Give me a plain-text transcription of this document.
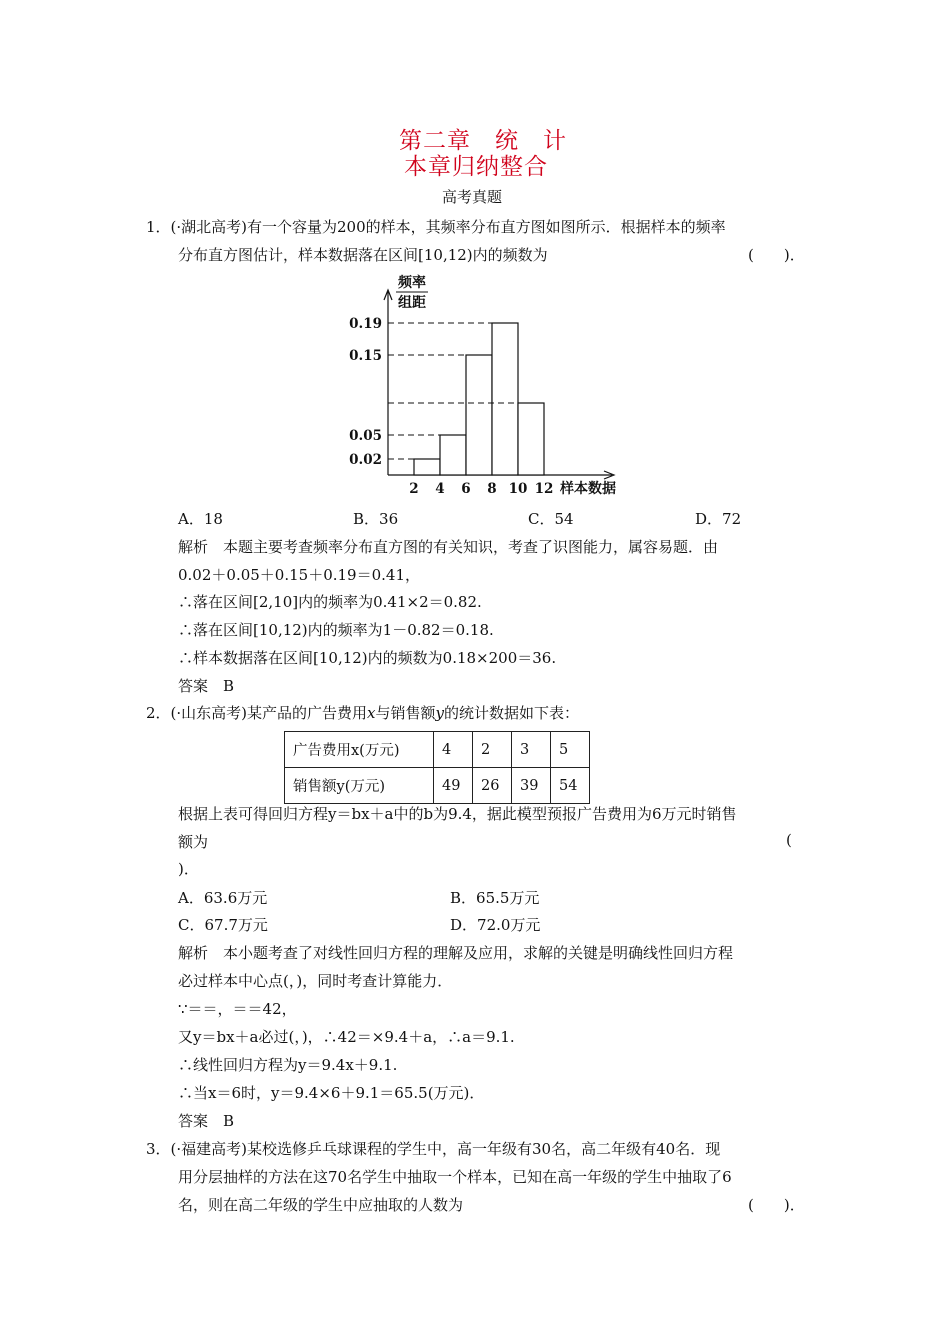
第二章　统　计
本章归纳整合
高考真题
1．(·湖北高考)有一个容量为200的样本，其频率分布直方图如图所示．根据样本的频率
分布直方图估计，样本数据落在区间[10,12)内的频数为	(　　)．
频率
组距
0.19
0.15
0.05
0.02
2 4 6 8 10 12 样本数据
A．18	B．36	C．54	D．72
解析　本题主要考查频率分布直方图的有关知识，考查了识图能力，属容易题．由
0.02＋0.05＋0.15＋0.19＝0.41，
∴落在区间[2,10]内的频率为0.41×2＝0.82.
∴落在区间[10,12)内的频率为1－0.82＝0.18.
∴样本数据落在区间[10,12)内的频数为0.18×200＝36.
答案　B
2．(·山东高考)某产品的广告费用x与销售额y的统计数据如下表：
广告费用x(万元)	4	2	3	5
销售额y(万元)	49	26	39	54
根据上表可得回归方程y＝bx＋a中的b为9.4，据此模型预报广告费用为6万元时销售
额为	(
)．
A．63.6万元	B．65.5万元
C．67.7万元	D．72.0万元
解析　本小题考查了对线性回归方程的理解及应用，求解的关键是明确线性回归方程
必过样本中心点(，)，同时考查计算能力．
∵＝＝，＝＝42，
又y＝bx＋a必过(，)，∴42＝×9.4＋a，∴a＝9.1.
∴线性回归方程为y＝9.4x＋9.1.
∴当x＝6时，y＝9.4×6＋9.1＝65.5(万元)．
答案　B
3．(·福建高考)某校选修乒乓球课程的学生中，高一年级有30名，高二年级有40名．现
用分层抽样的方法在这70名学生中抽取一个样本，已知在高一年级的学生中抽取了6
名，则在高二年级的学生中应抽取的人数为	(　　)．
